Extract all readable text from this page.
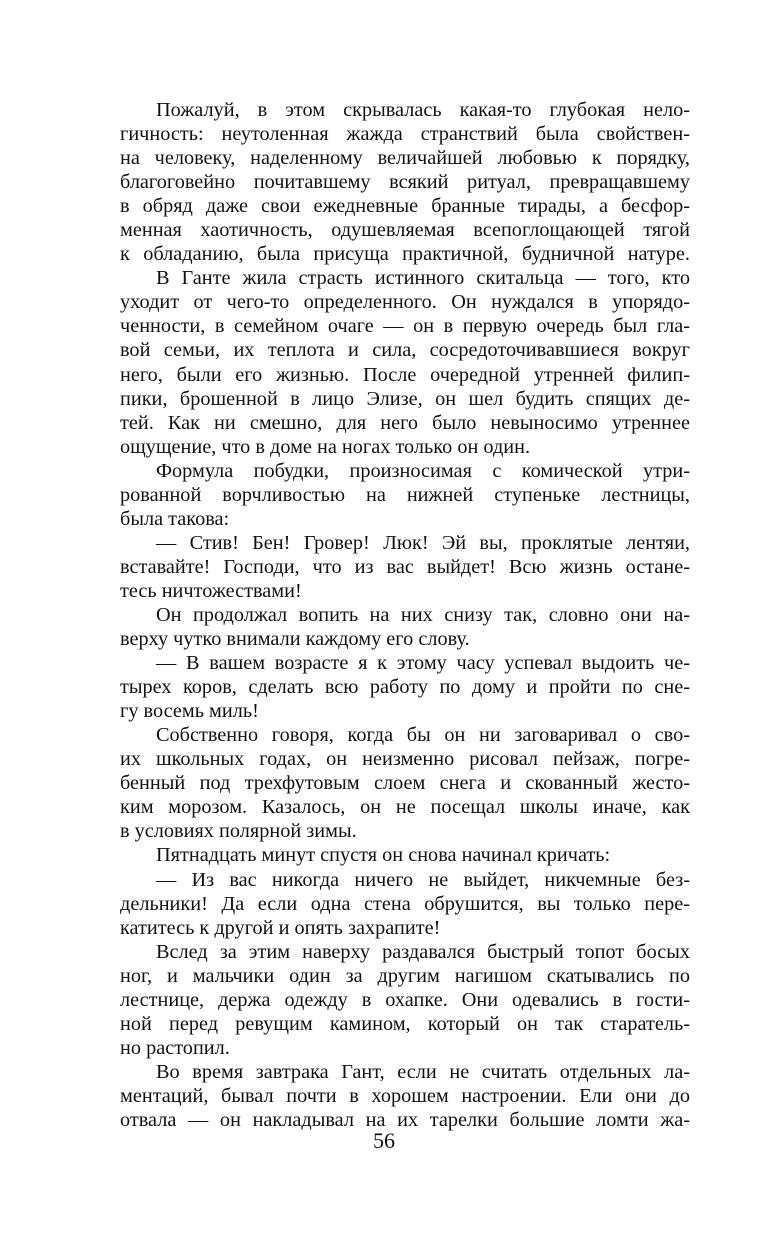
Пожалуй, в этом скрывалась какая-то глубокая нело-
гичность: неутоленная жажда странствий была свойствен-
на человеку, наделенному величайшей любовью к порядку,
благоговейно почитавшему всякий ритуал, превращавшему
в обряд даже свои ежедневные бранные тирады, а бесфор-
менная хаотичность, одушевляемая всепоглощающей тягой
к обладанию, была присуща практичной, будничной натуре.
В Ганте жила страсть истинного скитальца — того, кто
уходит от чего-то определенного. Он нуждался в упорядо-
ченности, в семейном очаге — он в первую очередь был гла-
вой семьи, их теплота и сила, сосредоточивавшиеся вокруг
него, были его жизнью. После очередной утренней филип-
пики, брошенной в лицо Элизе, он шел будить спящих де-
тей. Как ни смешно, для него было невыносимо утреннее
ощущение, что в доме на ногах только он один.
Формула побудки, произносимая с комической утри-
рованной ворчливостью на нижней ступеньке лестницы,
была такова:
— Стив! Бен! Гровер! Люк! Эй вы, проклятые лентяи,
вставайте! Господи, что из вас выйдет! Всю жизнь остане-
тесь ничтожествами!
Он продолжал вопить на них снизу так, словно они на-
верху чутко внимали каждому его слову.
— В вашем возрасте я к этому часу успевал выдоить че-
тырех коров, сделать всю работу по дому и пройти по сне-
гу восемь миль!
Собственно говоря, когда бы он ни заговаривал о сво-
их школьных годах, он неизменно рисовал пейзаж, погре-
бенный под трехфутовым слоем снега и скованный жесто-
ким морозом. Казалось, он не посещал школы иначе, как
в условиях полярной зимы.
Пятнадцать минут спустя он снова начинал кричать:
— Из вас никогда ничего не выйдет, никчемные без-
дельники! Да если одна стена обрушится, вы только пере-
катитесь к другой и опять захрапите!
Вслед за этим наверху раздавался быстрый топот босых
ног, и мальчики один за другим нагишом скатывались по
лестнице, держа одежду в охапке. Они одевались в гости-
ной перед ревущим камином, который он так старатель-
но растопил.
Во время завтрака Гант, если не считать отдельных ла-
ментаций, бывал почти в хорошем настроении. Ели они до
отвала — он накладывал на их тарелки большие ломти жа-
56
